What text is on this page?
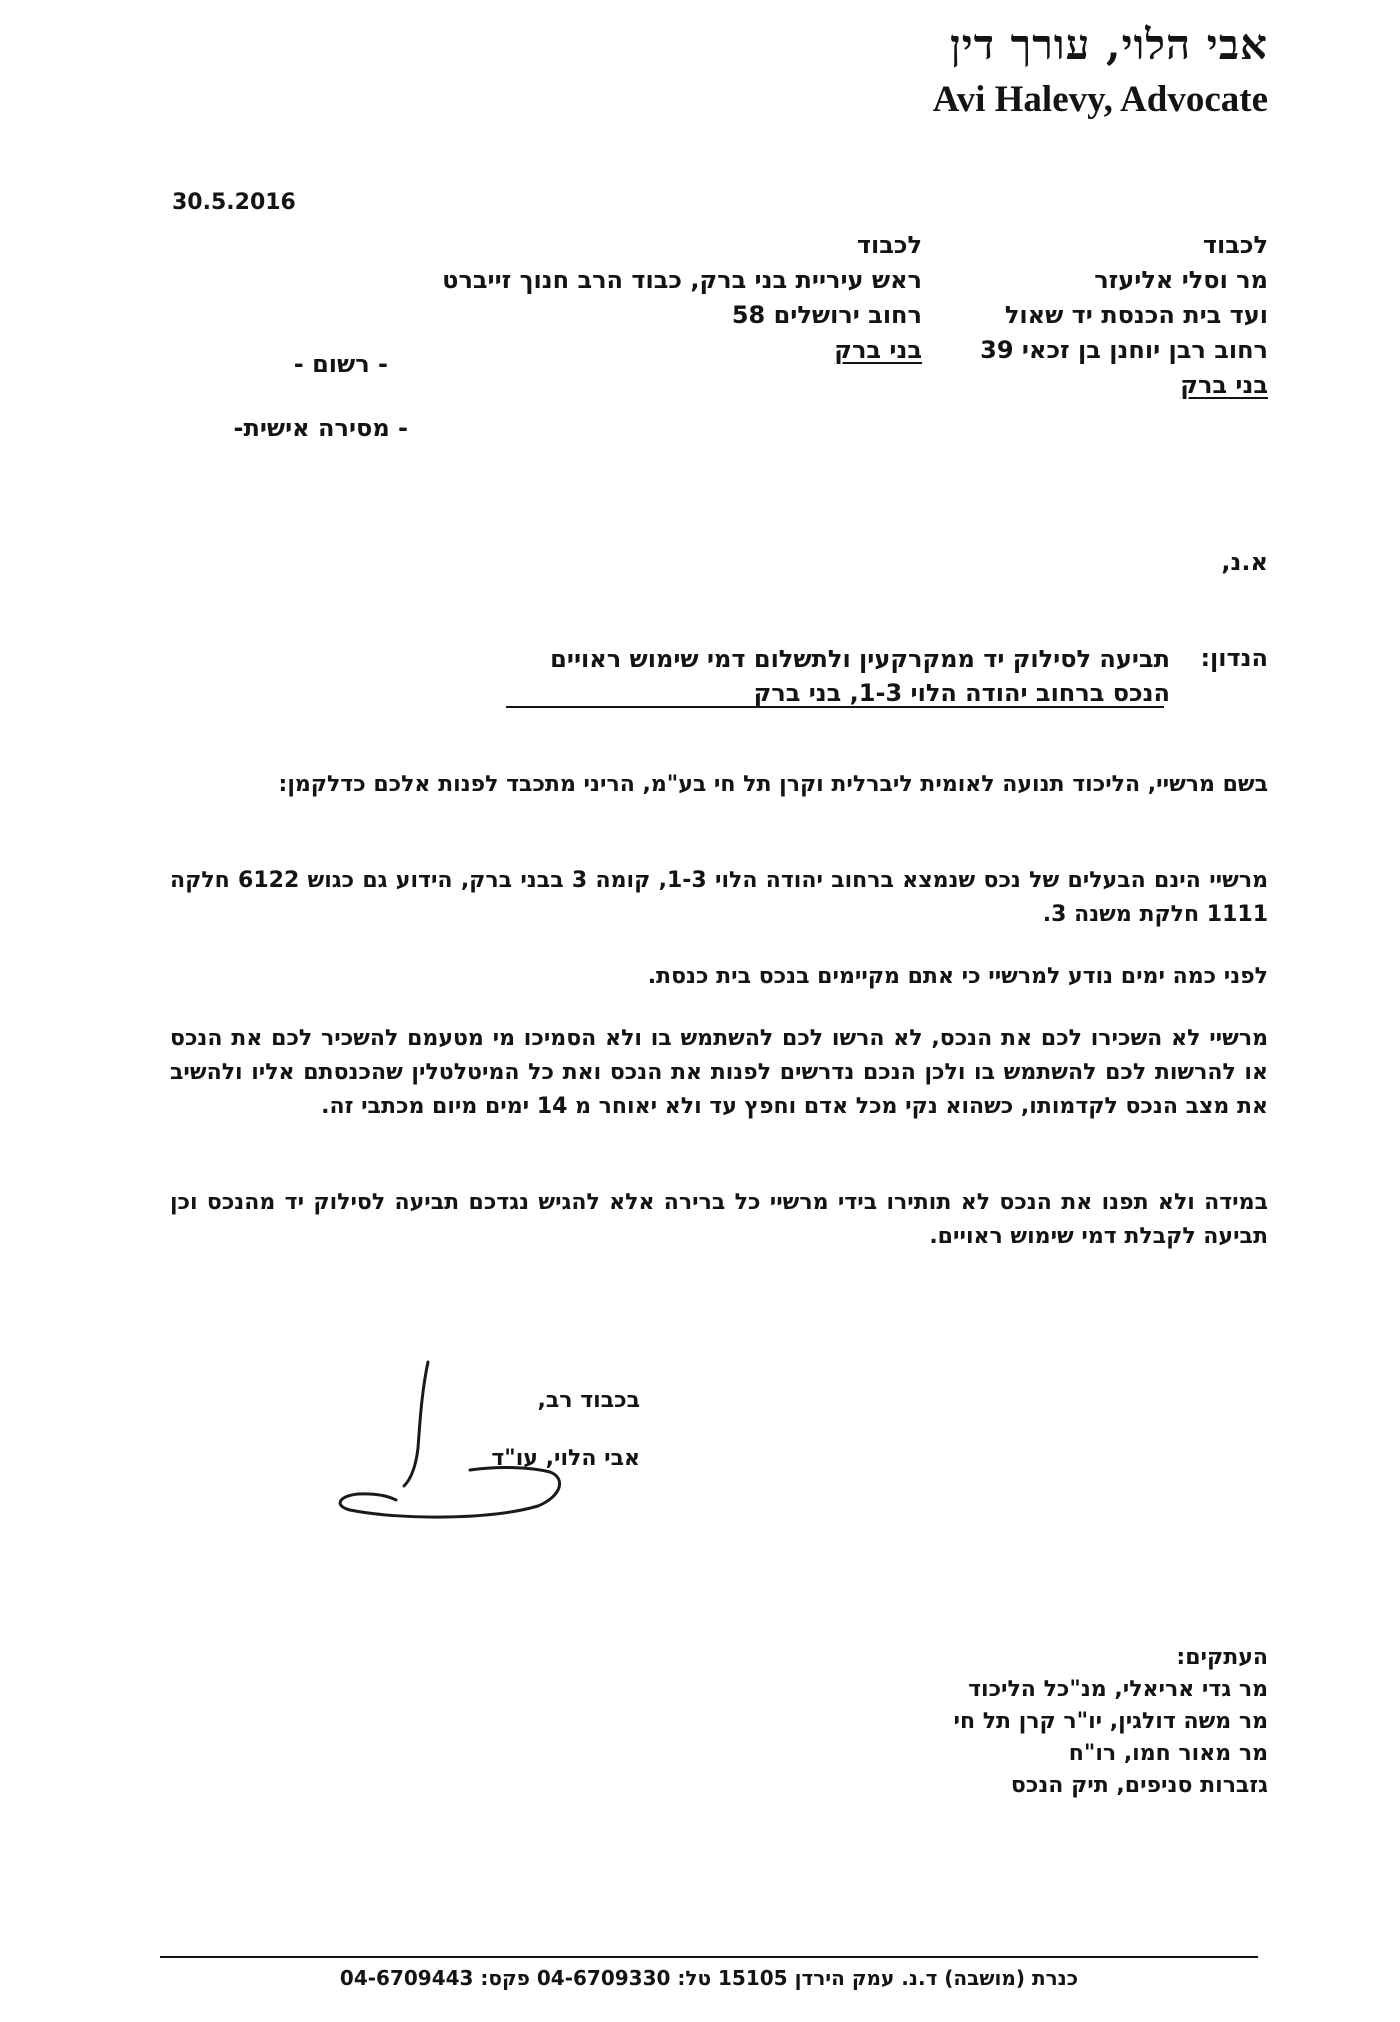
אבי הלוי, עורך דין
Avi Halevy, Advocate
30.5.2016
לכבוד
מר וסלי אליעזר
ועד בית הכנסת יד שאול
רחוב רבן יוחנן בן זכאי 39
בני ברק
לכבוד
ראש עיריית בני ברק, כבוד הרב חנוך זייברט
רחוב ירושלים 58
בני ברק
- רשום -
- מסירה אישית-
א.נ,
הנדון:
תביעה לסילוק יד ממקרקעין ולתשלום דמי שימוש ראויים
הנכס ברחוב יהודה הלוי 1-3, בני ברק
בשם מרשיי, הליכוד תנועה לאומית ליברלית וקרן תל חי בע"מ, הריני מתכבד לפנות אלכם כדלקמן:
מרשיי הינם הבעלים של נכס שנמצא ברחוב יהודה הלוי 1-3, קומה 3 בבני ברק, הידוע גם כגוש 6122 חלקה 1111 חלקת משנה 3.
לפני כמה ימים נודע למרשיי כי אתם מקיימים בנכס בית כנסת.
מרשיי לא השכירו לכם את הנכס, לא הרשו לכם להשתמש בו ולא הסמיכו מי מטעמם להשכיר לכם את הנכס או להרשות לכם להשתמש בו ולכן הנכם נדרשים לפנות את הנכס ואת כל המיטלטלין שהכנסתם אליו ולהשיב את מצב הנכס לקדמותו, כשהוא נקי מכל אדם וחפץ עד ולא יאוחר מ 14 ימים מיום מכתבי זה.
במידה ולא תפנו את הנכס לא תותירו בידי מרשיי כל ברירה אלא להגיש נגדכם תביעה לסילוק יד מהנכס וכן תביעה לקבלת דמי שימוש ראויים.
בכבוד רב,
אבי הלוי, עו"ד
העתקים:
מר גדי אריאלי, מנ"כל הליכוד
מר משה דולגין, יו"ר קרן תל חי
מר מאור חמו, רו"ח
גזברות סניפים, תיק הנכס
כנרת (מושבה) ד.נ. עמק הירדן 15105 טל: 04-6709330 פקס: 04-6709443
